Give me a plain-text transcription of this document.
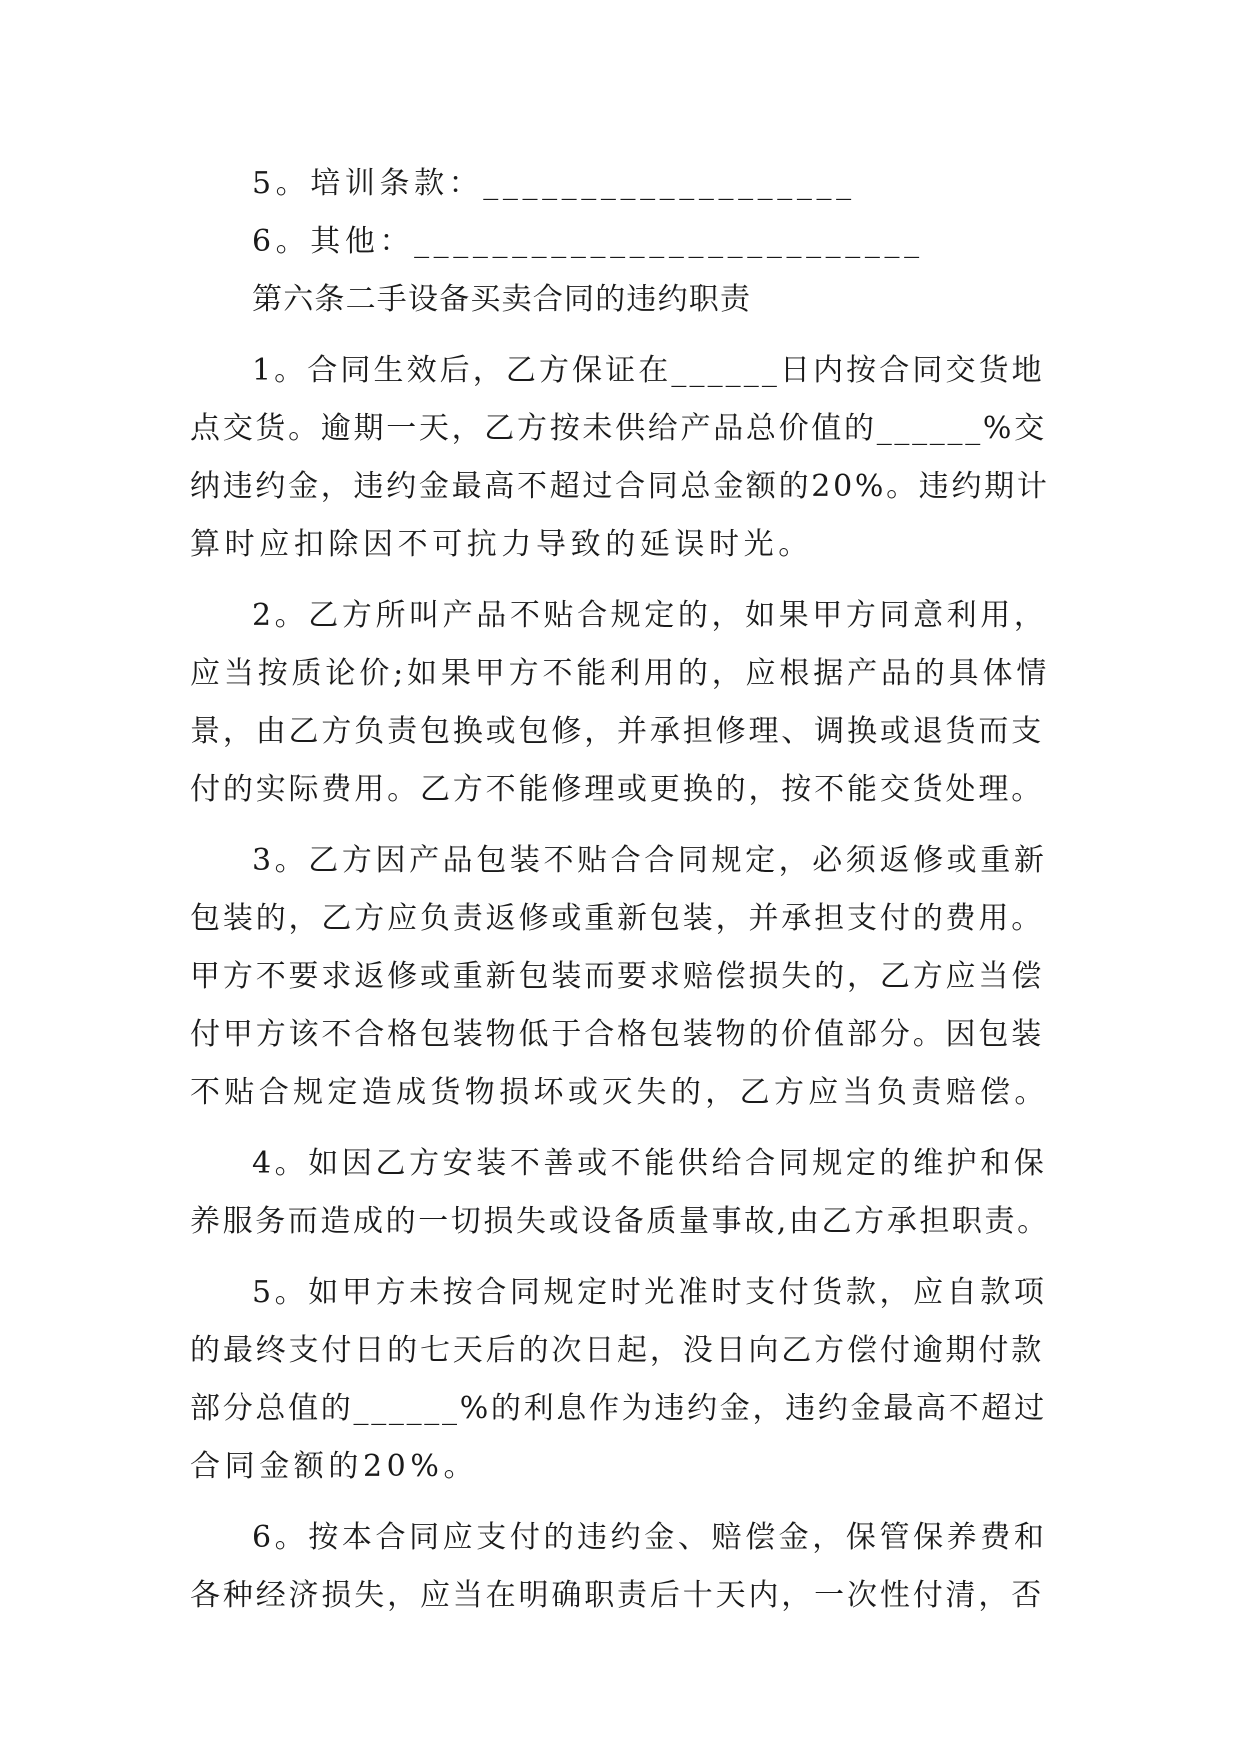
5。培训条款：___________________
6。其他：__________________________
第六条二手设备买卖合同的违约职责
1。合同生效后，乙方保证在______日内按合同交货地
点交货。逾期一天，乙方按未供给产品总价值的______%交
纳违约金，违约金最高不超过合同总金额的20%。违约期计
算时应扣除因不可抗力导致的延误时光。
2。乙方所叫产品不贴合规定的，如果甲方同意利用，
应当按质论价;如果甲方不能利用的，应根据产品的具体情
景，由乙方负责包换或包修，并承担修理、调换或退货而支
付的实际费用。乙方不能修理或更换的，按不能交货处理。
3。乙方因产品包装不贴合合同规定，必须返修或重新
包装的，乙方应负责返修或重新包装，并承担支付的费用。
甲方不要求返修或重新包装而要求赔偿损失的，乙方应当偿
付甲方该不合格包装物低于合格包装物的价值部分。因包装
不贴合规定造成货物损坏或灭失的，乙方应当负责赔偿。
4。如因乙方安装不善或不能供给合同规定的维护和保
养服务而造成的一切损失或设备质量事故,由乙方承担职责。
5。如甲方未按合同规定时光准时支付货款，应自款项
的最终支付日的七天后的次日起，没日向乙方偿付逾期付款
部分总值的______%的利息作为违约金，违约金最高不超过
合同金额的20%。
6。按本合同应支付的违约金、赔偿金，保管保养费和
各种经济损失，应当在明确职责后十天内，一次性付清，否
